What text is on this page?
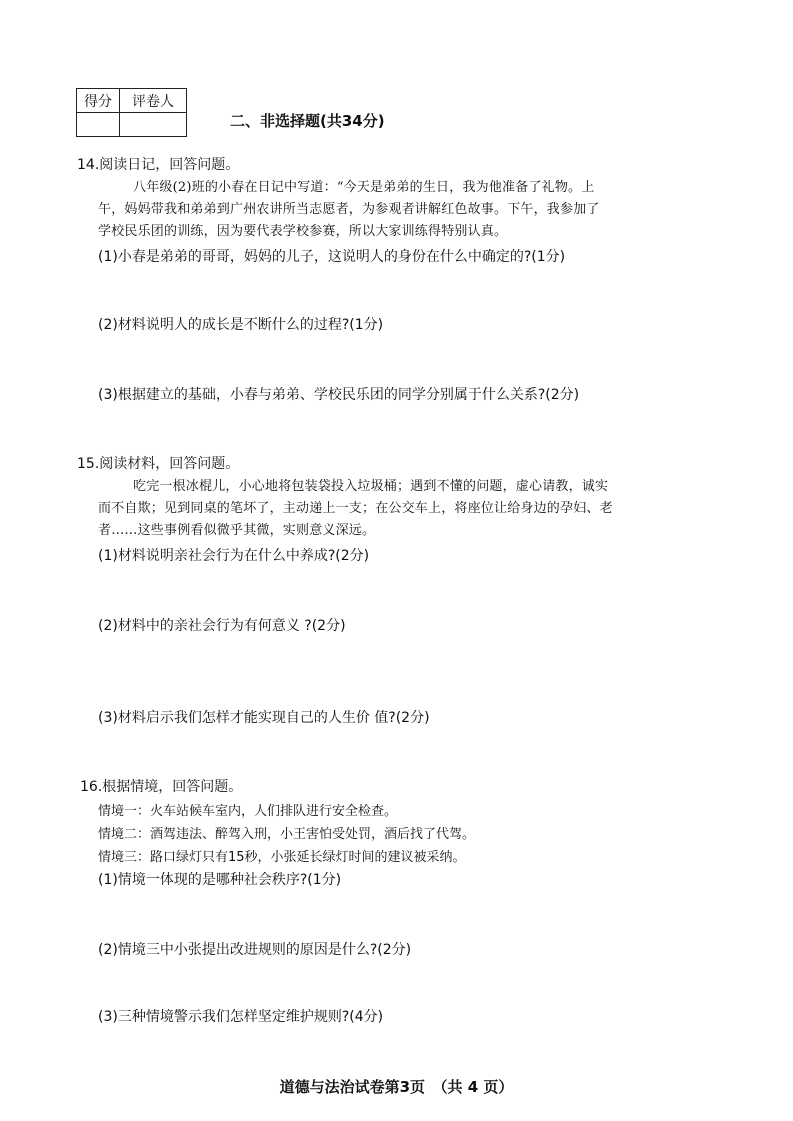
得分	评卷人

二、非选择题(共34分)
14.阅读日记，回答问题。
八年级(2)班的小春在日记中写道：“今天是弟弟的生日，我为他准备了礼物。上
午，妈妈带我和弟弟到广州农讲所当志愿者，为参观者讲解红色故事。下午，我参加了
学校民乐团的训练，因为要代表学校参赛，所以大家训练得特别认真。
(1)小春是弟弟的哥哥，妈妈的儿子，这说明人的身份在什么中确定的?(1分)
(2)材料说明人的成长是不断什么的过程?(1分)
(3)根据建立的基础，小春与弟弟、学校民乐团的同学分别属于什么关系?(2分)
15.阅读材料，回答问题。
吃完一根冰棍儿，小心地将包装袋投入垃圾桶；遇到不懂的问题，虚心请教，诚实
而不自欺；见到同桌的笔坏了，主动递上一支；在公交车上，将座位让给身边的孕妇、老
者……这些事例看似微乎其微，实则意义深远。
(1)材料说明亲社会行为在什么中养成?(2分)
(2)材料中的亲社会行为有何意义 ?(2分)
(3)材料启示我们怎样才能实现自己的人生价 值?(2分)
16.根据情境，回答问题。
情境一：火车站候车室内，人们排队进行安全检查。
情境二：酒驾违法、醉驾入刑，小王害怕受处罚，酒后找了代驾。
情境三：路口绿灯只有15秒，小张延长绿灯时间的建议被采纳。
(1)情境一体现的是哪种社会秩序?(1分)
(2)情境三中小张提出改进规则的原因是什么?(2分)
(3)三种情境警示我们怎样坚定维护规则?(4分)
道德与法治试卷第3页　（共 4 页）
